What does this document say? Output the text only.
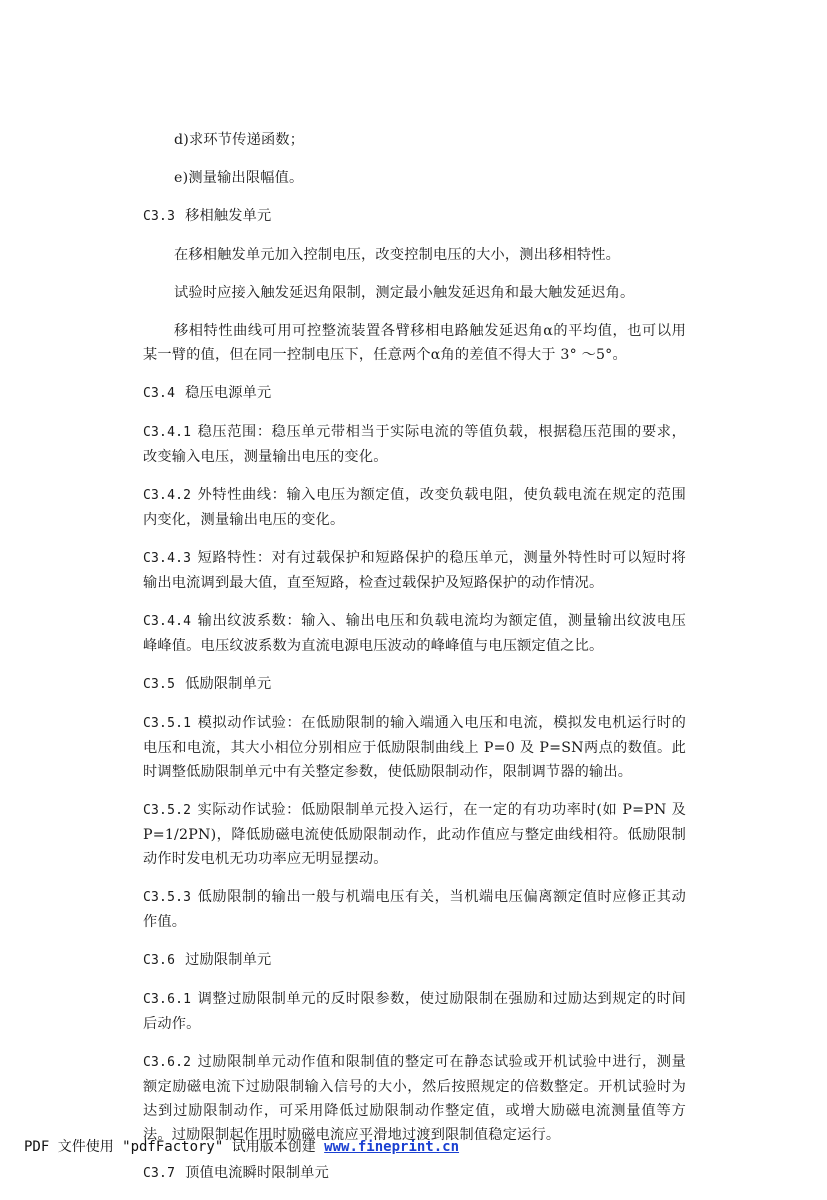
d)求环节传递函数；
e)测量输出限幅值。
C3.3 移相触发单元
在移相触发单元加入控制电压，改变控制电压的大小，测出移相特性。
试验时应接入触发延迟角限制，测定最小触发延迟角和最大触发延迟角。
移相特性曲线可用可控整流装置各臂移相电路触发延迟角α的平均值，也可以用某一臂的值，但在同一控制电压下，任意两个α角的差值不得大于 3° ～5°。
C3.4 稳压电源单元
C3.4.1 稳压范围：稳压单元带相当于实际电流的等值负载，根据稳压范围的要求，改变输入电压，测量输出电压的变化。
C3.4.2 外特性曲线：输入电压为额定值，改变负载电阻，使负载电流在规定的范围内变化，测量输出电压的变化。
C3.4.3 短路特性：对有过载保护和短路保护的稳压单元，测量外特性时可以短时将输出电流调到最大值，直至短路，检查过载保护及短路保护的动作情况。
C3.4.4 输出纹波系数：输入、输出电压和负载电流均为额定值，测量输出纹波电压峰峰值。电压纹波系数为直流电源电压波动的峰峰值与电压额定值之比。
C3.5 低励限制单元
C3.5.1 模拟动作试验：在低励限制的输入端通入电压和电流，模拟发电机运行时的电压和电流，其大小相位分别相应于低励限制曲线上 P=0 及 P=SN两点的数值。此时调整低励限制单元中有关整定参数，使低励限制动作，限制调节器的输出。
C3.5.2 实际动作试验：低励限制单元投入运行，在一定的有功功率时(如 P=PN 及 P=1/2PN)，降低励磁电流使低励限制动作，此动作值应与整定曲线相符。低励限制动作时发电机无功功率应无明显摆动。
C3.5.3 低励限制的输出一般与机端电压有关，当机端电压偏离额定值时应修正其动作值。
C3.6 过励限制单元
C3.6.1 调整过励限制单元的反时限参数，使过励限制在强励和过励达到规定的时间后动作。
C3.6.2 过励限制单元动作值和限制值的整定可在静态试验或开机试验中进行，测量额定励磁电流下过励限制输入信号的大小，然后按照规定的倍数整定。开机试验时为达到过励限制动作，可采用降低过励限制动作整定值，或增大励磁电流测量值等方法。过励限制起作用时励磁电流应平滑地过渡到限制值稳定运行。
C3.7 顶值电流瞬时限制单元
PDF 文件使用 "pdfFactory" 试用版本创建 www.fineprint.cn
